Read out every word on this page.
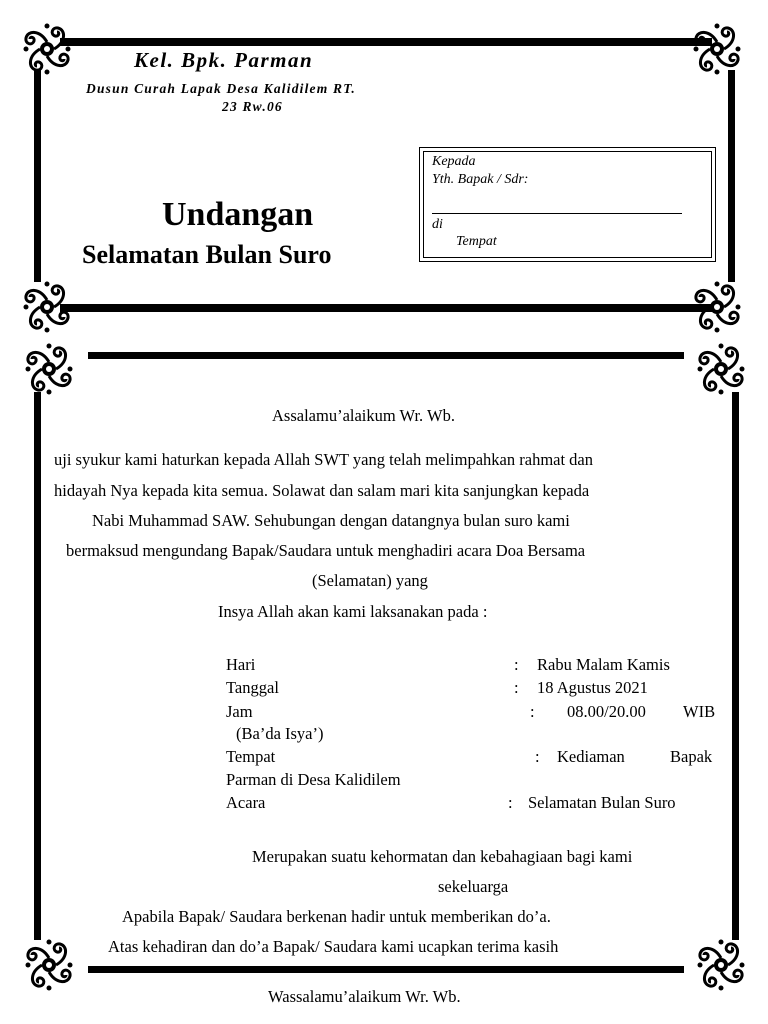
Kel. Bpk. Parman
Dusun Curah Lapak Desa Kalidilem RT.
23 Rw.06
Undangan
Selamatan Bulan Suro
Kepada
Yth. Bapak / Sdr:
di
Tempat
Assalamu’alaikum Wr. Wb.
uji syukur kami haturkan kepada Allah SWT yang telah melimpahkan rahmat dan
hidayah Nya kepada kita semua. Solawat dan salam mari kita sanjungkan kepada
Nabi Muhammad SAW. Sehubungan dengan datangnya bulan suro kami
bermaksud mengundang Bapak/Saudara untuk menghadiri acara Doa Bersama
(Selamatan) yang
Insya Allah akan kami laksanakan pada :
Hari	: Rabu Malam Kamis
Tanggal	: 18 Agustus 2021
Jam	: 08.00/20.00 WIB
(Ba’da Isya’)
Tempat	: Kediaman	Bapak
Parman di Desa Kalidilem
Acara	: Selamatan Bulan Suro
Merupakan suatu kehormatan dan kebahagiaan bagi kami
sekeluarga
Apabila Bapak/ Saudara berkenan hadir untuk memberikan do’a.
Atas kehadiran dan do’a Bapak/ Saudara kami ucapkan terima kasih
Wassalamu’alaikum Wr. Wb.
